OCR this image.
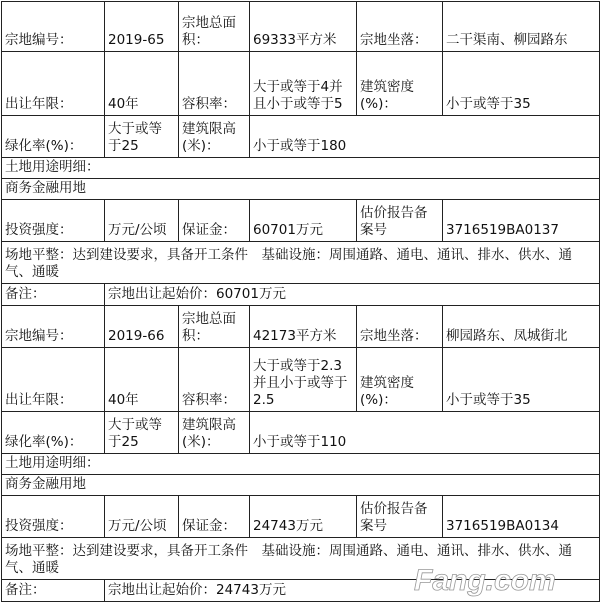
宗地编号：	2019-65	宗地总面积：	69333平方米	宗地坐落：	二干渠南、柳园路东
出让年限：	40年	容积率：	大于或等于4并且小于或等于5	建筑密度(%)：	小于或等于35
绿化率(%)：	大于或等于25	建筑限高(米)：	小于或等于180		
土地用途明细：					
商务金融用地					
投资强度：	万元/公顷	保证金：	60701万元	估价报告备案号	3716519BA0137
场地平整：达到建设要求，具备开工条件　基础设施：周围通路、通电、通讯、排水、供水、通气、通暖					
备注：	宗地出让起始价：60701万元				
宗地编号：	2019-66	宗地总面积：	42173平方米	宗地坐落：	柳园路东、凤城街北
出让年限：	40年	容积率：	大于或等于2.3并且小于或等于2.5	建筑密度(%)：	小于或等于35
绿化率(%)：	大于或等于25	建筑限高(米)：	小于或等于110		
土地用途明细：					
商务金融用地					
投资强度：	万元/公顷	保证金：	24743万元	估价报告备案号	3716519BA0134
场地平整：达到建设要求，具备开工条件　基础设施：周围通路、通电、通讯、排水、供水、通气、通暖					
备注：	宗地出让起始价：24743万元					Fang.com
